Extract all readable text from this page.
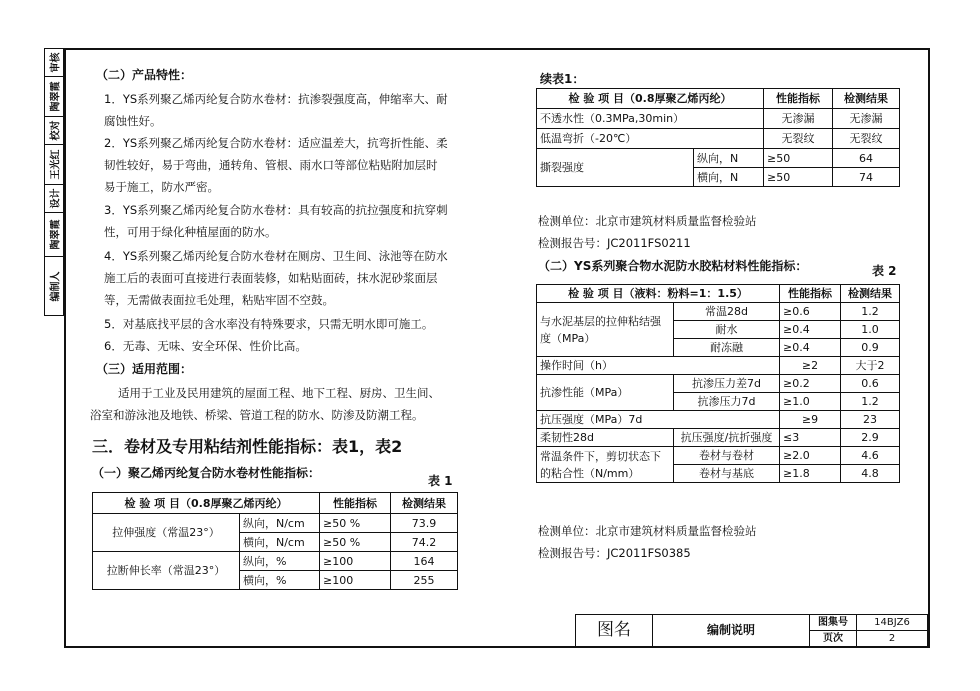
审核
陶翠霞
校对
王光红
设计
陶翠霞
编制人
（二）产品特性：
1．YS系列聚乙烯丙纶复合防水卷材：抗渗裂强度高，伸缩率大、耐
腐蚀性好。
2．YS系列聚乙烯丙纶复合防水卷材：适应温差大，抗弯折性能、柔
韧性较好，易于弯曲，通转角、管根、雨水口等部位粘贴附加层时
易于施工，防水严密。
3．YS系列聚乙烯丙纶复合防水卷材：具有较高的抗拉强度和抗穿刺
性，可用于绿化种植屋面的防水。
4．YS系列聚乙烯丙纶复合防水卷材在厕房、卫生间、泳池等在防水
施工后的表面可直接进行表面装修，如粘贴面砖，抹水泥砂浆面层
等，无需做表面拉毛处理，粘贴牢固不空鼓。
5．对基底找平层的含水率没有特殊要求，只需无明水即可施工。
6．无毒、无味、安全环保、性价比高。
（三）适用范围：
适用于工业及民用建筑的屋面工程、地下工程、厨房、卫生间、
浴室和游泳池及地铁、桥梁、管道工程的防水、防渗及防潮工程。
三．卷材及专用粘结剂性能指标：表1，表2
（一）聚乙烯丙纶复合防水卷材性能指标：
表 1
检 验 项 目（0.8厚聚乙烯丙纶）		性能指标	检测结果
拉伸强度（常温23°）	纵向，N/cm	≥50 %	73.9
	横向，N/cm	≥50 %	74.2
拉断伸长率（常温23°）	纵向，%	≥100	164
	横向，%	≥100	255
续表1：
检 验 项 目（0.8厚聚乙烯丙纶）		性能指标	检测结果
不透水性（0.3MPa,30min）		无渗漏	无渗漏
低温弯折（-20℃）		无裂纹	无裂纹
撕裂强度	纵向，N	≥50	64
	横向，N	≥50	74
检测单位：北京市建筑材料质量监督检验站
检测报告号：JC2011FS0211
（二）YS系列聚合物水泥防水胶粘材料性能指标：	表 2
检 验 项 目（液料：粉料=1：1.5）		性能指标	检测结果
与水泥基层的拉伸粘结强度（MPa）	常温28d	≥0.6	1.2
	耐水	≥0.4	1.0
	耐冻融	≥0.4	0.9
操作时间（h）		≥2	大于2
抗渗性能（MPa）	抗渗压力差7d	≥0.2	0.6
	抗渗压力7d	≥1.0	1.2
抗压强度（MPa）7d		≥9	23
柔韧性28d	抗压强度/抗折强度	≤3	2.9
常温条件下，剪切状态下的粘合性（N/mm）	卷材与卷材	≥2.0	4.6
	卷材与基底	≥1.8	4.8
检测单位：北京市建筑材料质量监督检验站
检测报告号：JC2011FS0385
图名	编制说明	图集号	14BJZ6
		页次	2
